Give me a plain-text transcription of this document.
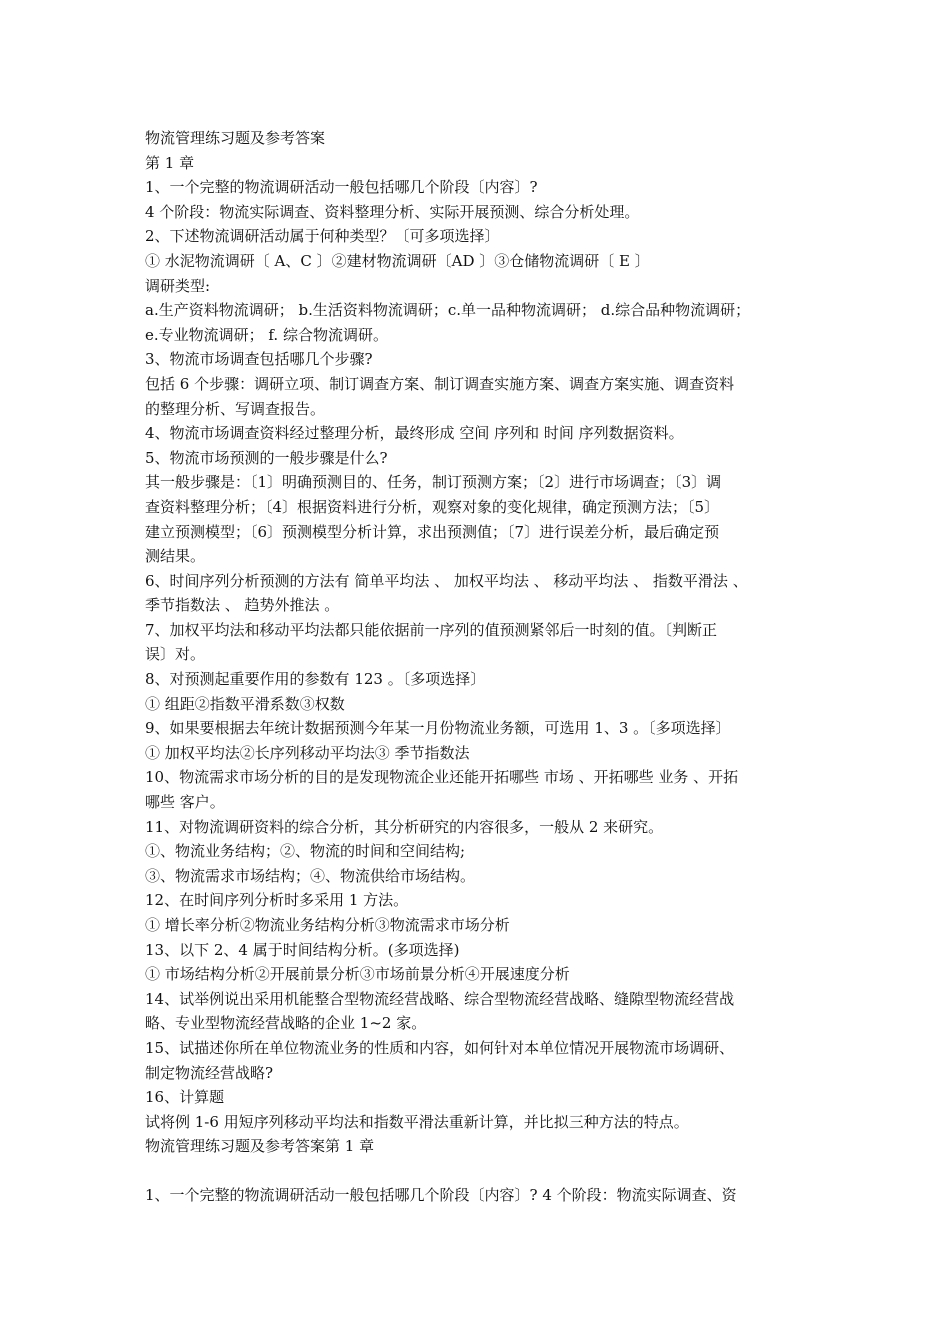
物流管理练习题及参考答案
第 1 章
1、一个完整的物流调研活动一般包括哪几个阶段〔内容〕?
4 个阶段：物流实际调查、资料整理分析、实际开展预测、综合分析处理。
2、下述物流调研活动属于何种类型？〔可多项选择〕
① 水泥物流调研〔 A、C 〕②建材物流调研〔AD 〕③仓储物流调研〔 E 〕
调研类型:
a.生产资料物流调研； b.生活资料物流调研；c.单一品种物流调研； d.综合品种物流调研；
e.专业物流调研； f. 综合物流调研。
3、物流市场调查包括哪几个步骤?
包括 6 个步骤：调研立项、制订调查方案、制订调查实施方案、调查方案实施、调查资料
的整理分析、写调查报告。
4、物流市场调查资料经过整理分析，最终形成 空间 序列和 时间 序列数据资料。
5、物流市场预测的一般步骤是什么?
其一般步骤是：〔1〕明确预测目的、任务，制订预测方案；〔2〕进行市场调查；〔3〕调
查资料整理分析；〔4〕根据资料进行分析，观察对象的变化规律，确定预测方法；〔5〕
建立预测模型；〔6〕预测模型分析计算，求出预测值；〔7〕进行误差分析，最后确定预
测结果。
6、时间序列分析预测的方法有 简单平均法 、 加权平均法 、 移动平均法 、 指数平滑法 、
季节指数法 、 趋势外推法 。
7、加权平均法和移动平均法都只能依据前一序列的值预测紧邻后一时刻的值。〔判断正
误〕对。
8、对预测起重要作用的参数有 123 。〔多项选择〕
① 组距②指数平滑系数③权数
9、如果要根据去年统计数据预测今年某一月份物流业务额，可选用 1、3 。〔多项选择〕
① 加权平均法②长序列移动平均法③ 季节指数法
10、物流需求市场分析的目的是发现物流企业还能开拓哪些 市场 、开拓哪些 业务 、开拓
哪些 客户。
11、对物流调研资料的综合分析，其分析研究的内容很多，一般从 2 来研究。
①、物流业务结构；②、物流的时间和空间结构;
③、物流需求市场结构；④、物流供给市场结构。
12、在时间序列分析时多采用 1 方法。
① 增长率分析②物流业务结构分析③物流需求市场分析
13、以下 2、4 属于时间结构分析。(多项选择)
① 市场结构分析②开展前景分析③市场前景分析④开展速度分析
14、试举例说出采用机能整合型物流经营战略、综合型物流经营战略、缝隙型物流经营战
略、专业型物流经营战略的企业 1~2 家。
15、试描述你所在单位物流业务的性质和内容，如何针对本单位情况开展物流市场调研、
制定物流经营战略?
16、计算题
试将例 1-6 用短序列移动平均法和指数平滑法重新计算，并比拟三种方法的特点。
物流管理练习题及参考答案第 1 章
1、一个完整的物流调研活动一般包括哪几个阶段〔内容〕? 4 个阶段：物流实际调查、资
